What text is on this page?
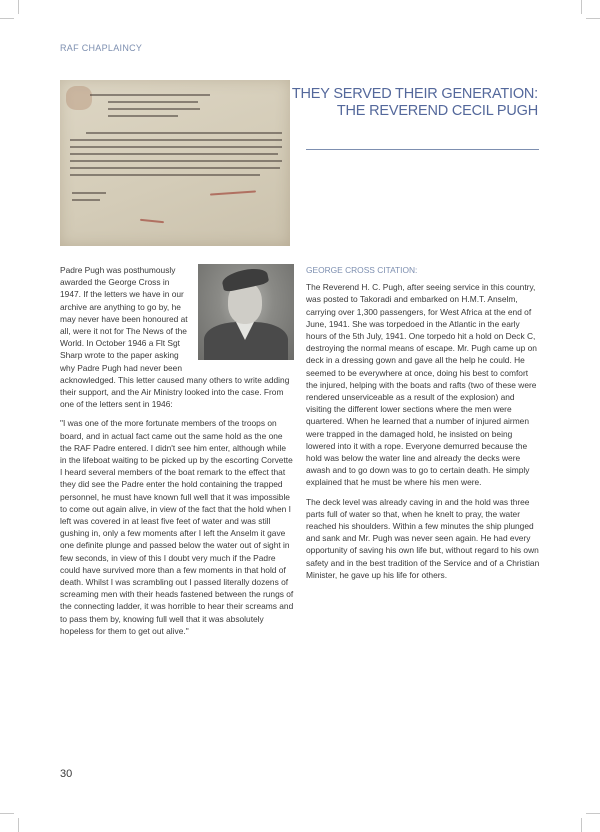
RAF CHAPLAINCY
THEY SERVED THEIR GENERATION:
THE REVEREND CECIL PUGH

Padre Pugh was posthumously awarded the George Cross in 1947. If the letters we have in our archive are anything to go by, he may never have been honoured at all, were it not for The News of the World. In October 1946 a Flt Sgt Sharp wrote to the paper asking why Padre Pugh had never been acknowledged. This letter caused many others to write adding their support, and the Air Ministry looked into the case. From one of the letters sent in 1946:

"I was one of the more fortunate members of the troops on board, and in actual fact came out the same hold as the one the RAF Padre entered. I didn't see him enter, although while in the lifeboat waiting to be picked up by the escorting Corvette I heard several members of the boat remark to the effect that they did see the Padre enter the hold containing the trapped personnel, he must have known full well that it was impossible to come out again alive, in view of the fact that the hold when I left was covered in at least five feet of water and was still gushing in, only a few moments after I left the Anselm it gave one definite plunge and passed below the water out of sight in few seconds, in view of this I doubt very much if the Padre could have survived more than a few moments in that hold of death. Whilst I was scrambling out I passed literally dozens of screaming men with their heads fastened between the rungs of the connecting ladder, it was horrible to hear their screams and to pass them by, knowing full well that it was absolutely hopeless for them to get out alive."

GEORGE CROSS CITATION:

The Reverend H. C. Pugh, after seeing service in this country, was posted to Takoradi and embarked on H.M.T. Anselm, carrying over 1,300 passengers, for West Africa at the end of June, 1941. She was torpedoed in the Atlantic in the early hours of the 5th July, 1941. One torpedo hit a hold on Deck C, destroying the normal means of escape. Mr. Pugh came up on deck in a dressing gown and gave all the help he could. He seemed to be everywhere at once, doing his best to comfort the injured, helping with the boats and rafts (two of these were rendered unserviceable as a result of the explosion) and visiting the different lower sections where the men were quartered. When he learned that a number of injured airmen were trapped in the damaged hold, he insisted on being lowered into it with a rope. Everyone demurred because the hold was below the water line and already the decks were awash and to go down was to go to certain death. He simply explained that he must be where his men were.

The deck level was already caving in and the hold was three parts full of water so that, when he knelt to pray, the water reached his shoulders. Within a few minutes the ship plunged and sank and Mr. Pugh was never seen again. He had every opportunity of saving his own life but, without regard to his own safety and in the best tradition of the Service and of a Christian Minister, he gave up his life for others.

30
